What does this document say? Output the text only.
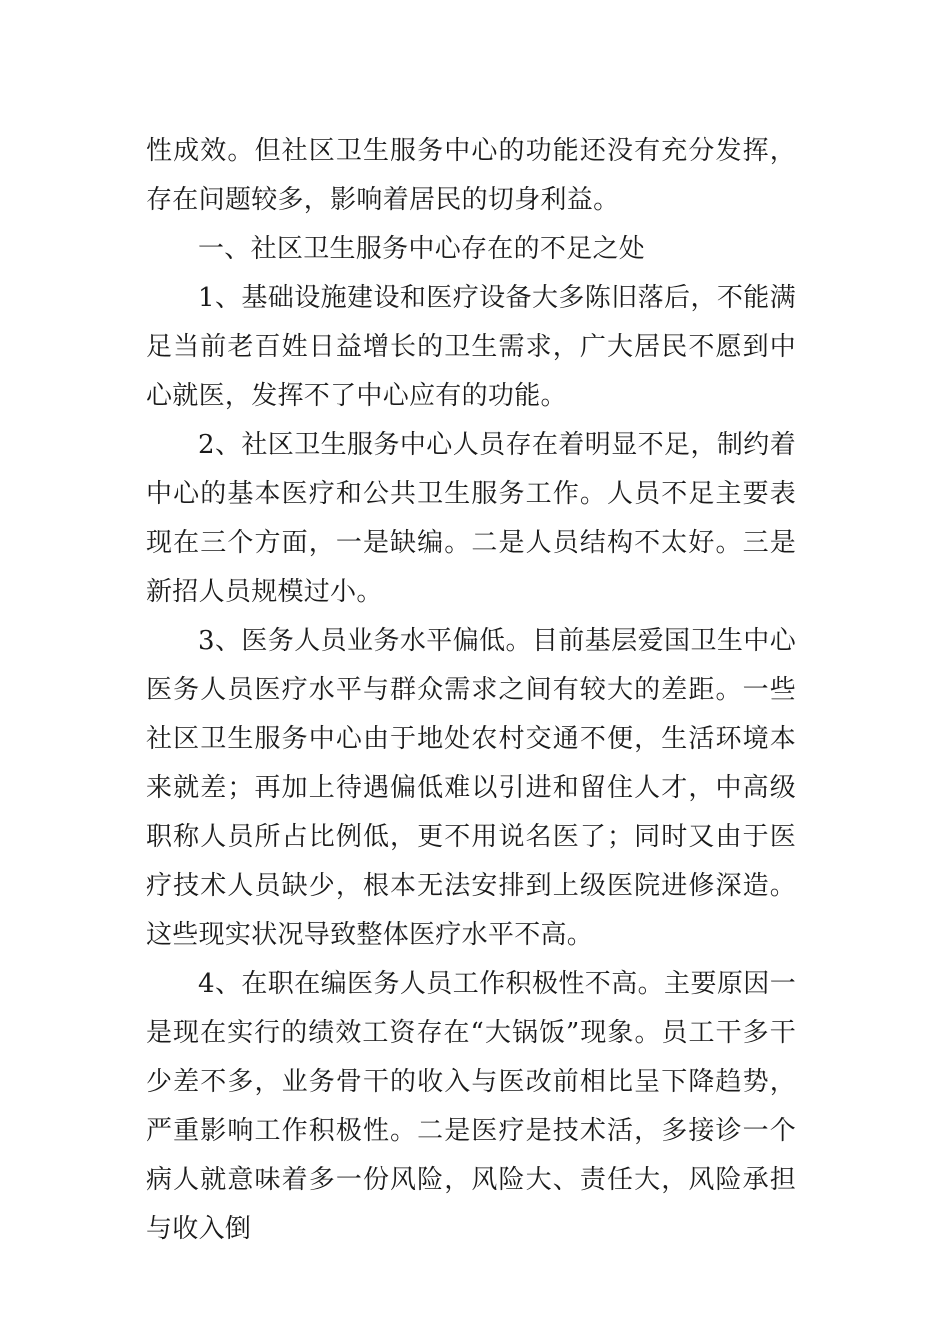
性成效。但社区卫生服务中心的功能还没有充分发挥，存在问题较多，影响着居民的切身利益。

一、社区卫生服务中心存在的不足之处

1、基础设施建设和医疗设备大多陈旧落后，不能满足当前老百姓日益增长的卫生需求，广大居民不愿到中心就医，发挥不了中心应有的功能。

2、社区卫生服务中心人员存在着明显不足，制约着中心的基本医疗和公共卫生服务工作。人员不足主要表现在三个方面，一是缺编。二是人员结构不太好。三是新招人员规模过小。

3、医务人员业务水平偏低。目前基层爱国卫生中心医务人员医疗水平与群众需求之间有较大的差距。一些社区卫生服务中心由于地处农村交通不便，生活环境本来就差；再加上待遇偏低难以引进和留住人才，中高级职称人员所占比例低，更不用说名医了；同时又由于医疗技术人员缺少，根本无法安排到上级医院进修深造。这些现实状况导致整体医疗水平不高。

4、在职在编医务人员工作积极性不高。主要原因一是现在实行的绩效工资存在“大锅饭”现象。员工干多干少差不多，业务骨干的收入与医改前相比呈下降趋势，严重影响工作积极性。二是医疗是技术活，多接诊一个病人就意味着多一份风险，风险大、责任大，风险承担与收入倒
